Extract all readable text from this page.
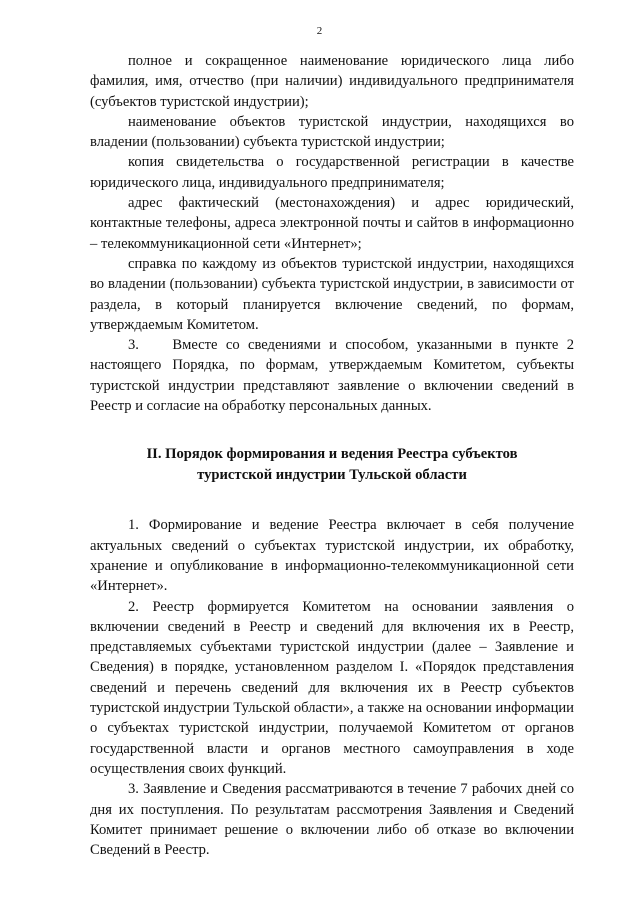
2

полное и сокращенное наименование юридического лица либо фамилия, имя, отчество (при наличии) индивидуального предпринимателя (субъектов туристской индустрии);

наименование объектов туристской индустрии, находящихся во владении (пользовании) субъекта туристской индустрии;

копия свидетельства о государственной регистрации в качестве юридического лица, индивидуального предпринимателя;

адрес фактический (местонахождения) и адрес юридический, контактные телефоны, адреса электронной почты и сайтов в информационно – телекоммуникационной сети «Интернет»;

справка по каждому из объектов туристской индустрии, находящихся во владении (пользовании) субъекта туристской индустрии, в зависимости от раздела, в который планируется включение сведений, по формам, утверждаемым Комитетом.

3.    Вместе со сведениями и способом, указанными в пункте 2 настоящего Порядка, по формам, утверждаемым Комитетом, субъекты туристской индустрии представляют заявление о включении сведений в Реестр и согласие на обработку персональных данных.

II. Порядок формирования и ведения Реестра субъектов
туристской индустрии Тульской области

1. Формирование и ведение Реестра включает в себя получение актуальных сведений о субъектах туристской индустрии, их обработку, хранение и опубликование в информационно-телекоммуникационной сети «Интернет».

2. Реестр формируется Комитетом на основании заявления о включении сведений в Реестр и сведений для включения их в Реестр, представляемых субъектами туристской индустрии (далее – Заявление и Сведения) в порядке, установленном разделом I. «Порядок представления сведений и перечень сведений для включения их в Реестр субъектов туристской индустрии Тульской области», а также на основании информации о субъектах туристской индустрии, получаемой Комитетом от органов государственной власти и органов местного самоуправления в ходе осуществления своих функций.

3. Заявление и Сведения рассматриваются в течение 7 рабочих дней со дня их поступления. По результатам рассмотрения Заявления и Сведений Комитет принимает решение о включении либо об отказе во включении Сведений в Реестр.
